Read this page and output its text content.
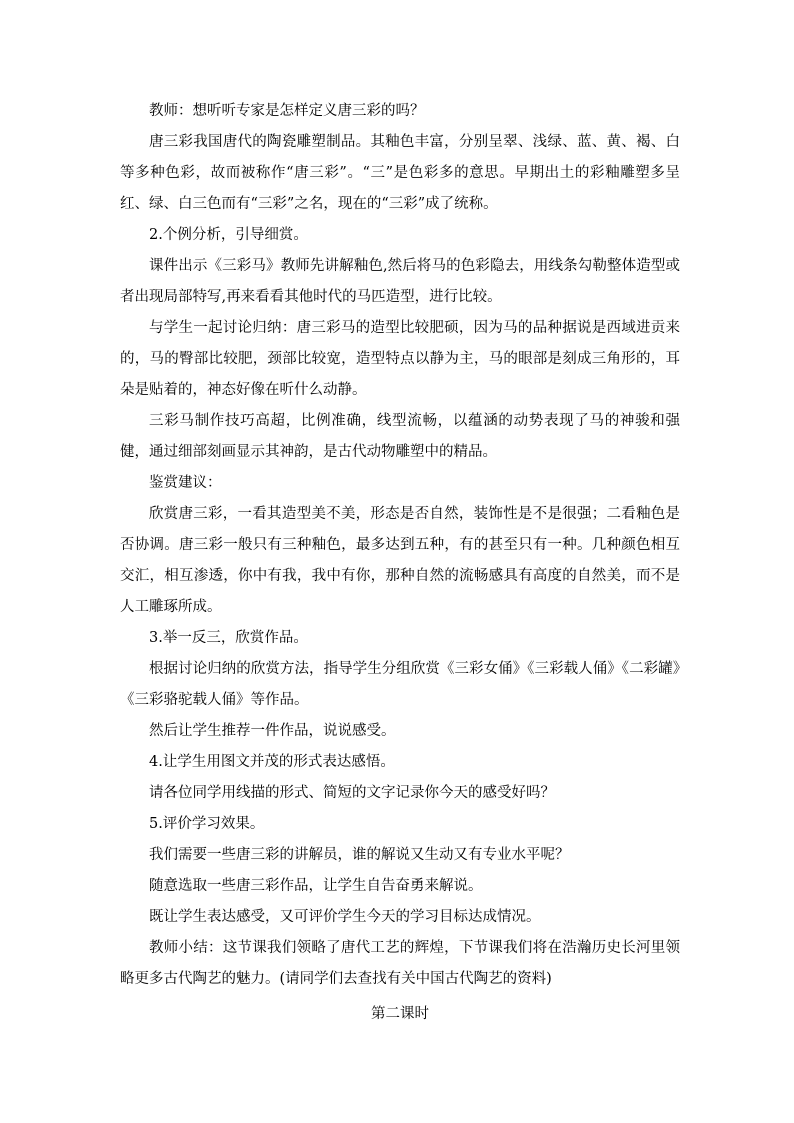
教师：想听听专家是怎样定义唐三彩的吗？

唐三彩我国唐代的陶瓷雕塑制品。其釉色丰富，分别呈翠、浅绿、蓝、黄、褐、白等多种色彩，故而被称作“唐三彩”。“三”是色彩多的意思。早期出土的彩釉雕塑多呈红、绿、白三色而有“三彩”之名，现在的“三彩”成了统称。

2.个例分析，引导细赏。

课件出示《三彩马》教师先讲解釉色,然后将马的色彩隐去，用线条勾勒整体造型或者出现局部特写,再来看看其他时代的马匹造型，进行比较。

与学生一起讨论归纳：唐三彩马的造型比较肥硕，因为马的品种据说是西域进贡来的，马的臀部比较肥，颈部比较宽，造型特点以静为主，马的眼部是刻成三角形的，耳朵是贴着的，神态好像在听什么动静。

三彩马制作技巧高超，比例准确，线型流畅，以蕴涵的动势表现了马的神骏和强健，通过细部刻画显示其神韵，是古代动物雕塑中的精品。

鉴赏建议：

欣赏唐三彩，一看其造型美不美，形态是否自然，装饰性是不是很强；二看釉色是否协调。唐三彩一般只有三种釉色，最多达到五种，有的甚至只有一种。几种颜色相互交汇，相互渗透，你中有我，我中有你，那种自然的流畅感具有高度的自然美，而不是人工雕琢所成。

3.举一反三，欣赏作品。

根据讨论归纳的欣赏方法，指导学生分组欣赏《三彩女俑》《三彩载人俑》《二彩罐》《三彩骆驼载人俑》等作品。

然后让学生推荐一件作品，说说感受。

4.让学生用图文并茂的形式表达感悟。

请各位同学用线描的形式、简短的文字记录你今天的感受好吗？

5.评价学习效果。

我们需要一些唐三彩的讲解员，谁的解说又生动又有专业水平呢？

随意选取一些唐三彩作品，让学生自告奋勇来解说。

既让学生表达感受，又可评价学生今天的学习目标达成情况。

教师小结：这节课我们领略了唐代工艺的辉煌，下节课我们将在浩瀚历史长河里领略更多古代陶艺的魅力。(请同学们去查找有关中国古代陶艺的资料)

第二课时
